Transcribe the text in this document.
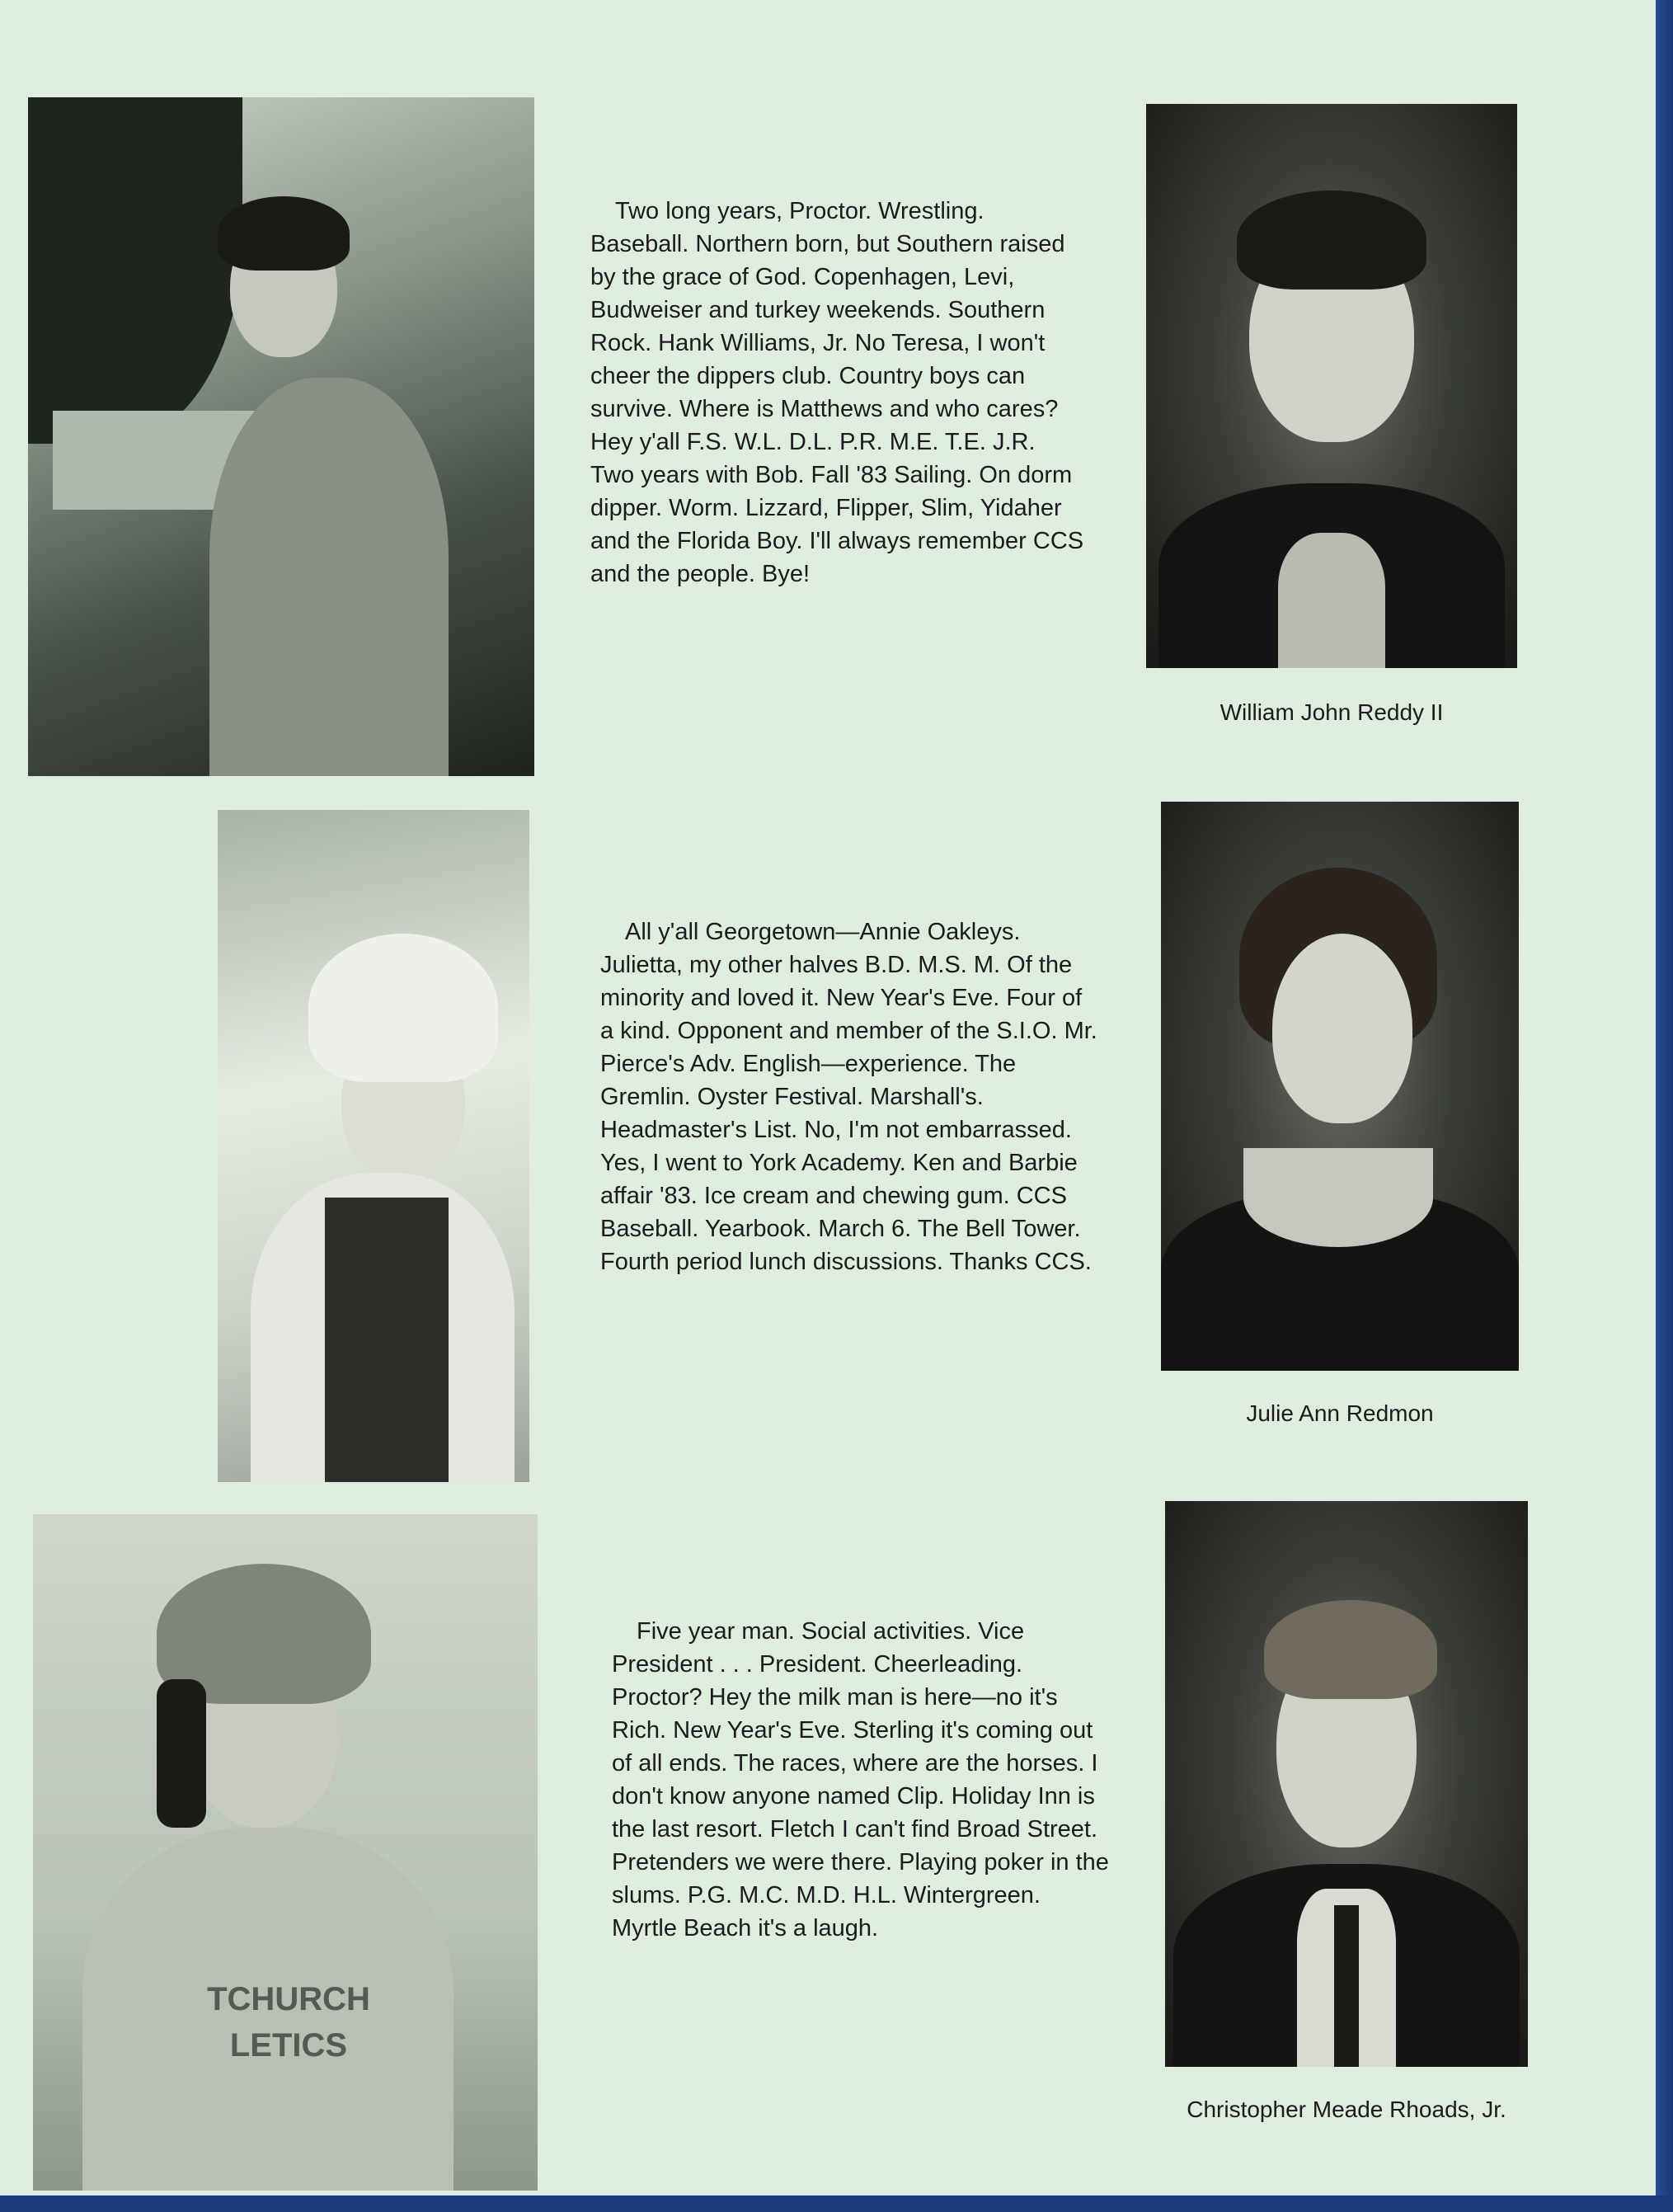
Two long years, Proctor. Wrestling. Baseball. Northern born, but Southern raised by the grace of God. Copenhagen, Levi, Budweiser and turkey weekends. Southern Rock. Hank Williams, Jr. No Teresa, I won't cheer the dippers club. Country boys can survive. Where is Matthews and who cares? Hey y'all F.S. W.L. D.L. P.R. M.E. T.E. J.R. Two years with Bob. Fall '83 Sailing. On dorm dipper. Worm. Lizzard, Flipper, Slim, Yidaher and the Florida Boy. I'll always remember CCS and the people. Bye!

William John Reddy II

All y'all Georgetown—Annie Oakleys. Julietta, my other halves B.D. M.S. M. Of the minority and loved it. New Year's Eve. Four of a kind. Opponent and member of the S.I.O. Mr. Pierce's Adv. English—experience. The Gremlin. Oyster Festival. Marshall's. Headmaster's List. No, I'm not embarrassed. Yes, I went to York Academy. Ken and Barbie affair '83. Ice cream and chewing gum. CCS Baseball. Yearbook. March 6. The Bell Tower. Fourth period lunch discussions. Thanks CCS.

Julie Ann Redmon
TCHURCH
LETICS

Five year man. Social activities. Vice President . . . President. Cheerleading. Proctor? Hey the milk man is here—no it's Rich. New Year's Eve. Sterling it's coming out of all ends. The races, where are the horses. I don't know anyone named Clip. Holiday Inn is the last resort. Fletch I can't find Broad Street. Pretenders we were there. Playing poker in the slums. P.G. M.C. M.D. H.L. Wintergreen. Myrtle Beach it's a laugh.

Christopher Meade Rhoads, Jr.
